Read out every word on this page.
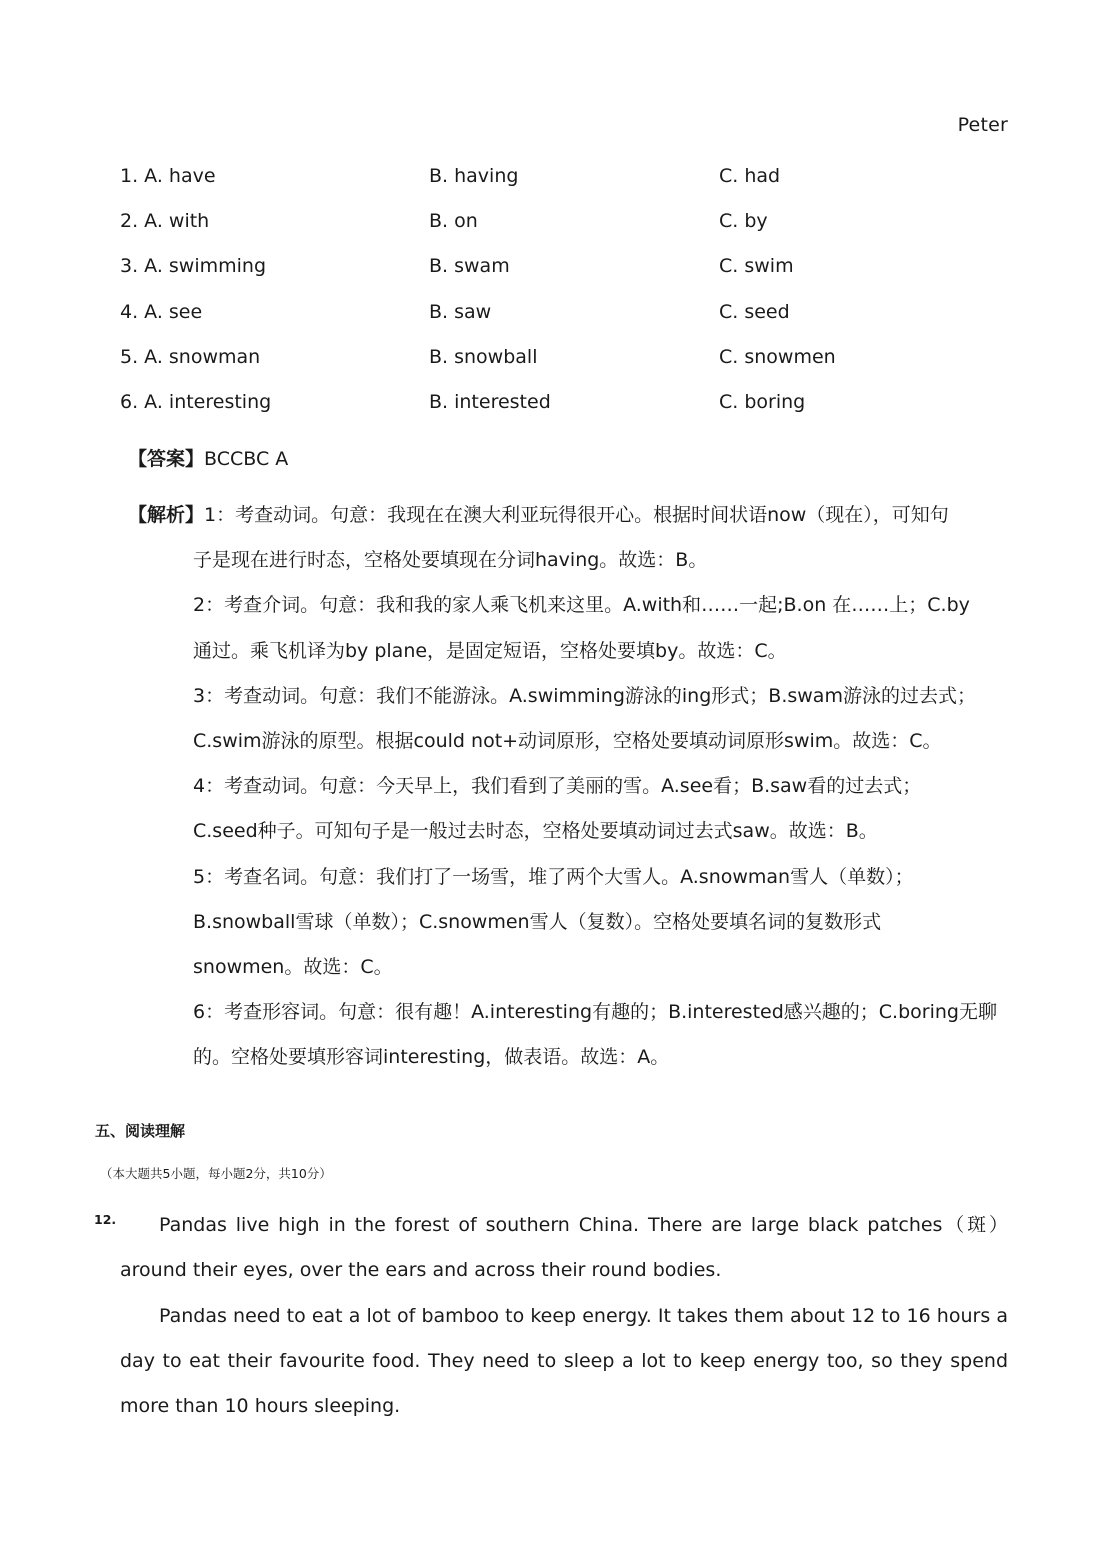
Peter
1. A. have	B. having	C. had
2. A. with	B. on	C. by
3. A. swimming	B. swam	C. swim
4. A. see	B. saw	C. seed
5. A. snowman	B. snowball	C. snowmen
6. A. interesting	B. interested	C. boring
【答案】BCCBC A
【解析】1：考查动词。句意：我现在在澳大利亚玩得很开心。根据时间状语now（现在），可知句
子是现在进行时态，空格处要填现在分词having。故选：B。
2：考查介词。句意：我和我的家人乘飞机来这里。A.with和……一起;B.on 在……上；C.by
通过。乘飞机译为by plane，是固定短语，空格处要填by。故选：C。
3：考查动词。句意：我们不能游泳。A.swimming游泳的ing形式；B.swam游泳的过去式；
C.swim游泳的原型。根据could not+动词原形，空格处要填动词原形swim。故选：C。
4：考查动词。句意：今天早上，我们看到了美丽的雪。A.see看；B.saw看的过去式；
C.seed种子。可知句子是一般过去时态，空格处要填动词过去式saw。故选：B。
5：考查名词。句意：我们打了一场雪，堆了两个大雪人。A.snowman雪人（单数）；
B.snowball雪球（单数）；C.snowmen雪人（复数）。空格处要填名词的复数形式
snowmen。故选：C。
6：考查形容词。句意：很有趣！A.interesting有趣的；B.interested感兴趣的；C.boring无聊
的。空格处要填形容词interesting，做表语。故选：A。
五、阅读理解
（本大题共5小题，每小题2分，共10分）
12.	Pandas live high in the forest of southern China. There are large black patches（斑）around their eyes, over the ears and across their round bodies.

Pandas need to eat a lot of bamboo to keep energy. It takes them about 12 to 16 hours a day to eat their favourite food. They need to sleep a lot to keep energy too, so they spend more than 10 hours sleeping.
